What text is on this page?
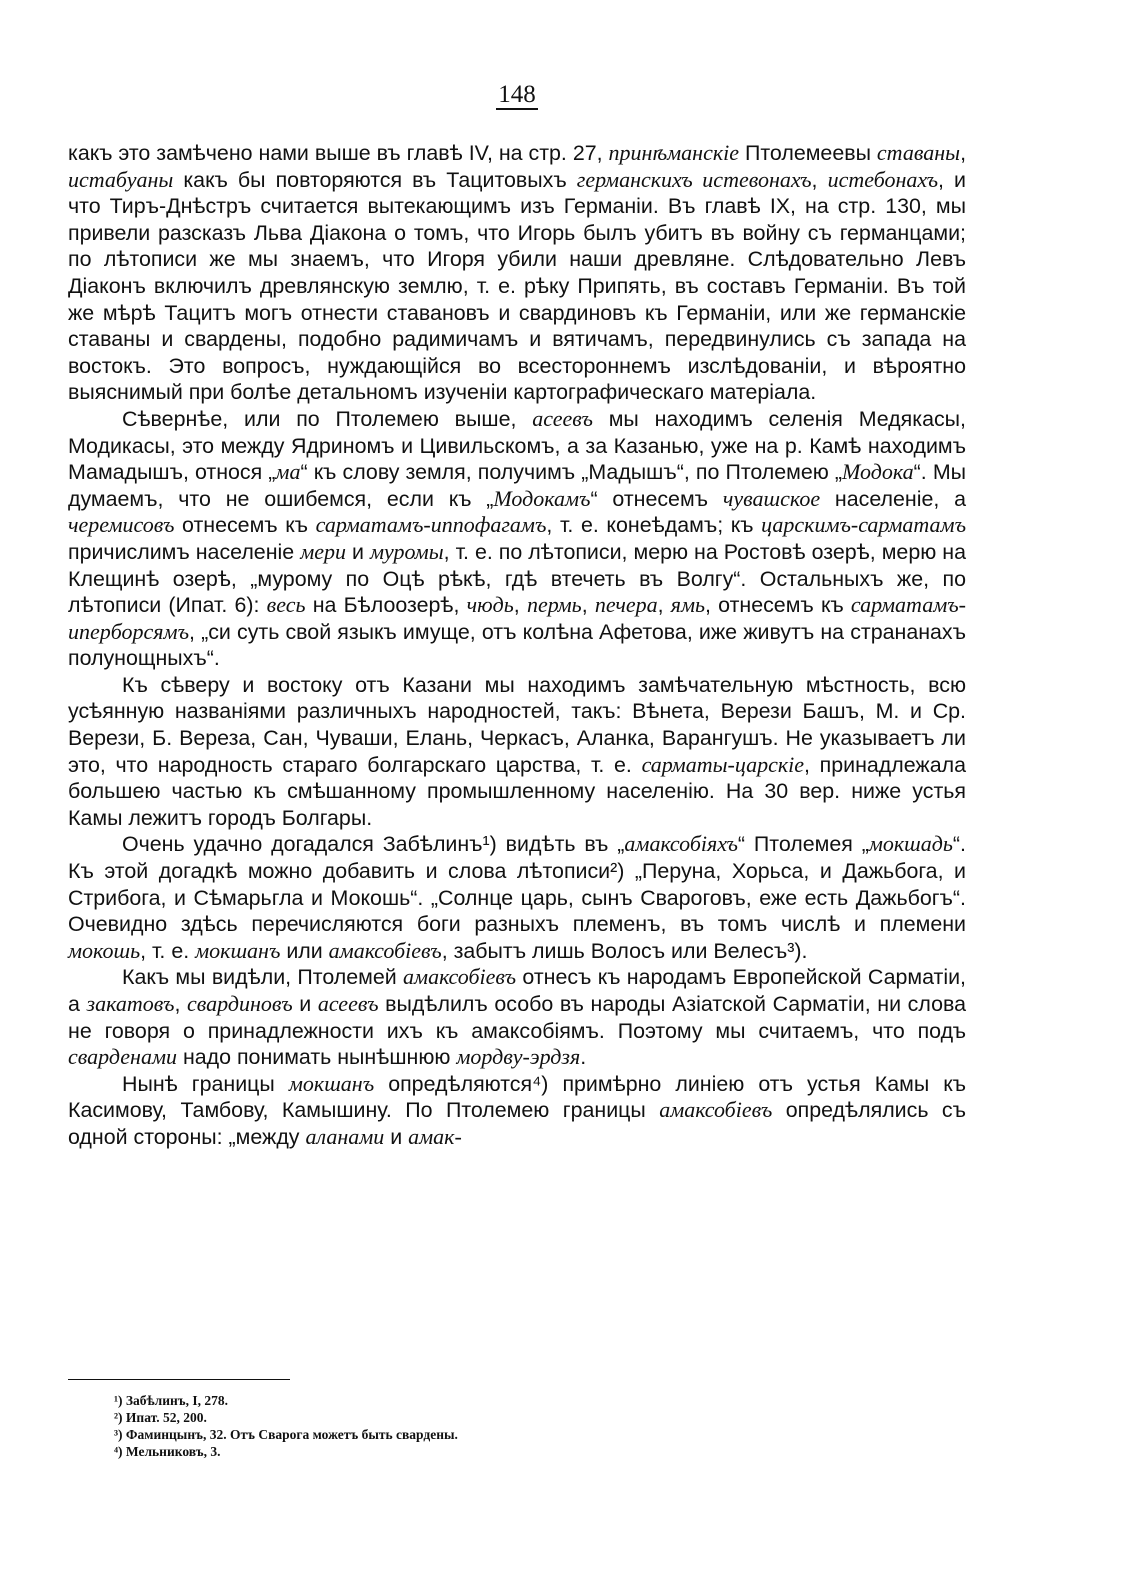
148

какъ это замѣчено нами выше въ главѣ IV, на стр. 27, принѣманскіе Птолемеевы ставаны, истабуаны какъ бы повторяются въ Тацитовыхъ германскихъ истевонахъ, истебонахъ, и что Тиръ-Днѣстръ считается вытекающимъ изъ Германіи. Въ главѣ IX, на стр. 130, мы привели разсказъ Льва Діакона о томъ, что Игорь былъ убитъ въ войну съ германцами; по лѣтописи же мы знаемъ, что Игоря убили наши древляне. Слѣдовательно Левъ Діаконъ включилъ древлянскую землю, т. е. рѣку Припять, въ составъ Германіи. Въ той же мѣрѣ Тацитъ могъ отнести ставановъ и свардиновъ къ Германіи, или же германскіе ставаны и свардены, подобно радимичамъ и вятичамъ, передвинулись съ запада на востокъ. Это вопросъ, нуждающійся во всестороннемъ изслѣдованіи, и вѣроятно выяснимый при болѣе детальномъ изученіи картографическаго матеріала.

Сѣвернѣе, или по Птолемею выше, асеевъ мы находимъ селенія Медякасы, Модикасы, это между Ядриномъ и Цивильскомъ, а за Казанью, уже на р. Камѣ находимъ Мамадышъ, относя „ма“ къ слову земля, получимъ „Мадышъ“, по Птолемею „Модока“. Мы думаемъ, что не ошибемся, если къ „Модокамъ“ отнесемъ чувашское населеніе, а черемисовъ отнесемъ къ сарматамъ-иппофагамъ, т. е. конеѣдамъ; къ царскимъ-сарматамъ причислимъ населеніе мери и муромы, т. е. по лѣтописи, мерю на Ростовѣ озерѣ, мерю на Клещинѣ озерѣ, „мурому по Оцѣ рѣкѣ, гдѣ втечеть въ Волгу“. Остальныхъ же, по лѣтописи (Ипат. 6): весь на Бѣлоозерѣ, чюдь, пермь, печера, ямь, отнесемъ къ сарматамъ-иперборсямъ, „си суть свой языкъ имуще, отъ колѣна Афетова, иже живутъ на странанахъ полунощныхъ“.

Къ сѣверу и востоку отъ Казани мы находимъ замѣчательную мѣстность, всю усѣянную названіями различныхъ народностей, такъ: Вѣнета, Верези Башъ, М. и Ср. Верези, Б. Вереза, Сан, Чуваши, Елань, Черкасъ, Аланка, Варангушъ. Не указываетъ ли это, что народность стараго болгарскаго царства, т. е. сарматы-царскіе, принадлежала большею частью къ смѣшанному промышленному населенію. На 30 вер. ниже устья Камы лежитъ городъ Болгары.

Очень удачно догадался Забѣлинъ¹) видѣть въ „амаксобіяхъ“ Птолемея „мокшадь“. Къ этой догадкѣ можно добавить и слова лѣтописи²) „Перуна, Хорьса, и Дажьбога, и Стрибога, и Сѣмарьгла и Мокошь“. „Солнце царь, сынъ Свароговъ, еже есть Дажьбогъ“. Очевидно здѣсь перечисляются боги разныхъ племенъ, въ томъ числѣ и племени мокошь, т. е. мокшанъ или амаксобіевъ, забытъ лишь Волосъ или Велесъ³).

Какъ мы видѣли, Птолемей амаксобіевъ отнесъ къ народамъ Европейской Сарматіи, а закатовъ, свардиновъ и асеевъ выдѣлилъ особо въ народы Азіатской Сарматіи, ни слова не говоря о принадлежности ихъ къ амаксобіямъ. Поэтому мы считаемъ, что подъ сварденами надо понимать нынѣшнюю мордву-эрдзя.

Нынѣ границы мокшанъ опредѣляются⁴) примѣрно линіею отъ устья Камы къ Касимову, Тамбову, Камышину. По Птолемею границы амаксобіевъ опредѣлялись съ одной стороны: „между аланами и амак-

¹) Забѣлинъ, I, 278.
²) Ипат. 52, 200.
³) Фаминцынъ, 32. Отъ Сварога можетъ быть свардены.
⁴) Мельниковъ, 3.
